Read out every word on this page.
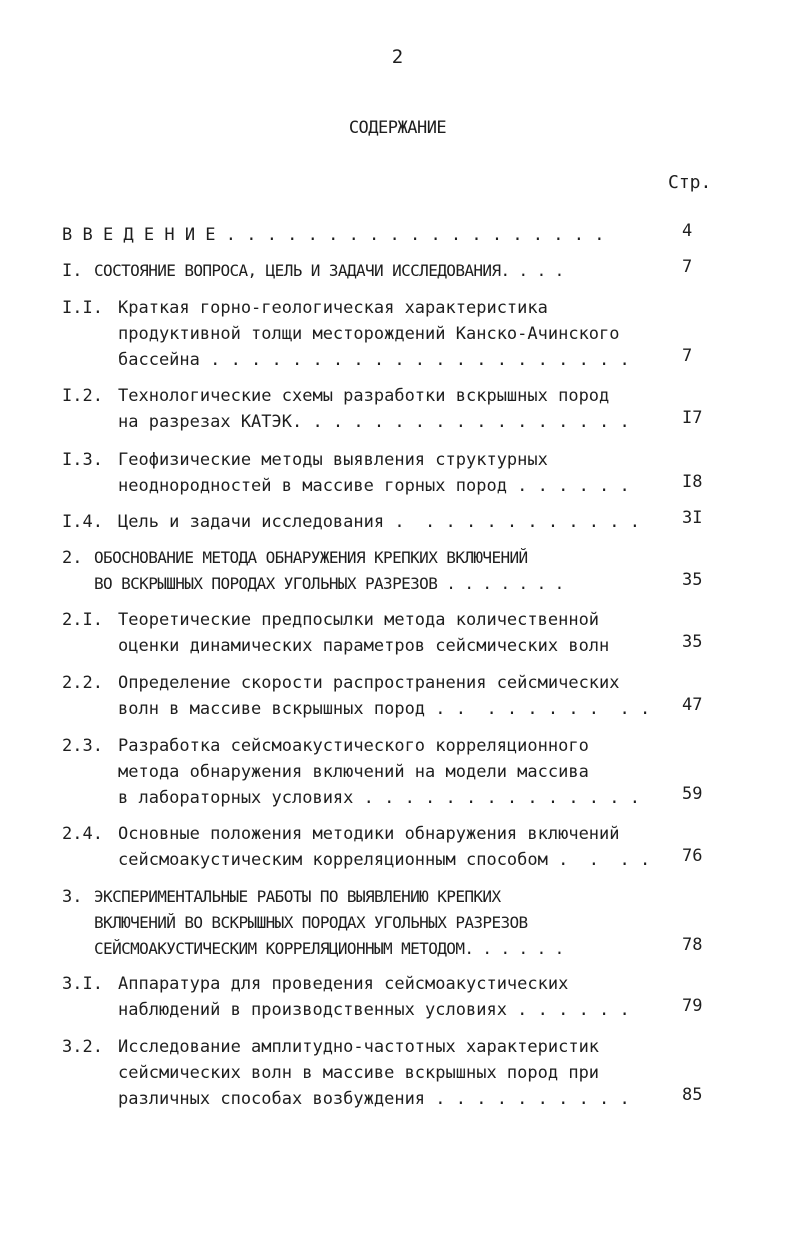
2
СОДЕРЖАНИЕ
Стр.
В В Е Д Е Н И Е . . . . . . . . . . . . . . . . . . .	4
I. СОСТОЯНИЕ ВОПРОСА, ЦЕЛЬ И ЗАДАЧИ ИССЛЕДОВАНИЯ. . . .	7
I.I. Краткая горно-геологическая характеристика
продуктивной толщи месторождений Канско-Ачинского
бассейна . . . . . . . . . . . . . . . . . . . . .	7
I.2. Технологические схемы разработки вскрышных пород
на разрезах КАТЭК. . . . . . . . . . . . . . . . .	I7
I.3. Геофизические методы выявления структурных
неоднородностей в массиве горных пород . . . . . .	I8
I.4. Цель и задачи исследования .  . . . . . . . . . . . 3I
2. ОБОСНОВАНИЕ МЕТОДА ОБНАРУЖЕНИЯ КРЕПКИХ ВКЛЮЧЕНИЙ
ВО ВСКРЫШНЫХ ПОРОДАХ УГОЛЬНЫХ РАЗРЕЗОВ . . . . . . .	35
2.I. Теоретические предпосылки метода количественной
оценки динамических параметров сейсмических волн	35
2.2. Определение скорости распространения сейсмических
волн в массиве вскрышных пород . .  . . . . . .  . . 47
2.3. Разработка сейсмоакустического корреляционного
метода обнаружения включений на модели массива
в лабораторных условиях . . . . . . . . . . . . . . 59
2.4. Основные положения методики обнаружения включений
сейсмоакустическим корреляционным способом .  .  . . 76
3. ЭКСПЕРИМЕНТАЛЬНЫЕ РАБОТЫ ПО ВЫЯВЛЕНИЮ КРЕПКИХ
ВКЛЮЧЕНИЙ ВО ВСКРЫШНЫХ ПОРОДАХ УГОЛЬНЫХ РАЗРЕЗОВ
СЕЙСМОАКУСТИЧЕСКИМ КОРРЕЛЯЦИОННЫМ МЕТОДОМ. . . . . .	78
3.I. Аппаратура для проведения сейсмоакустических
наблюдений в производственных условиях . . . . . .	79
3.2. Исследование амплитудно-частотных характеристик
сейсмических волн в массиве вскрышных пород при
различных способах возбуждения . . . . . . . . . .	85
